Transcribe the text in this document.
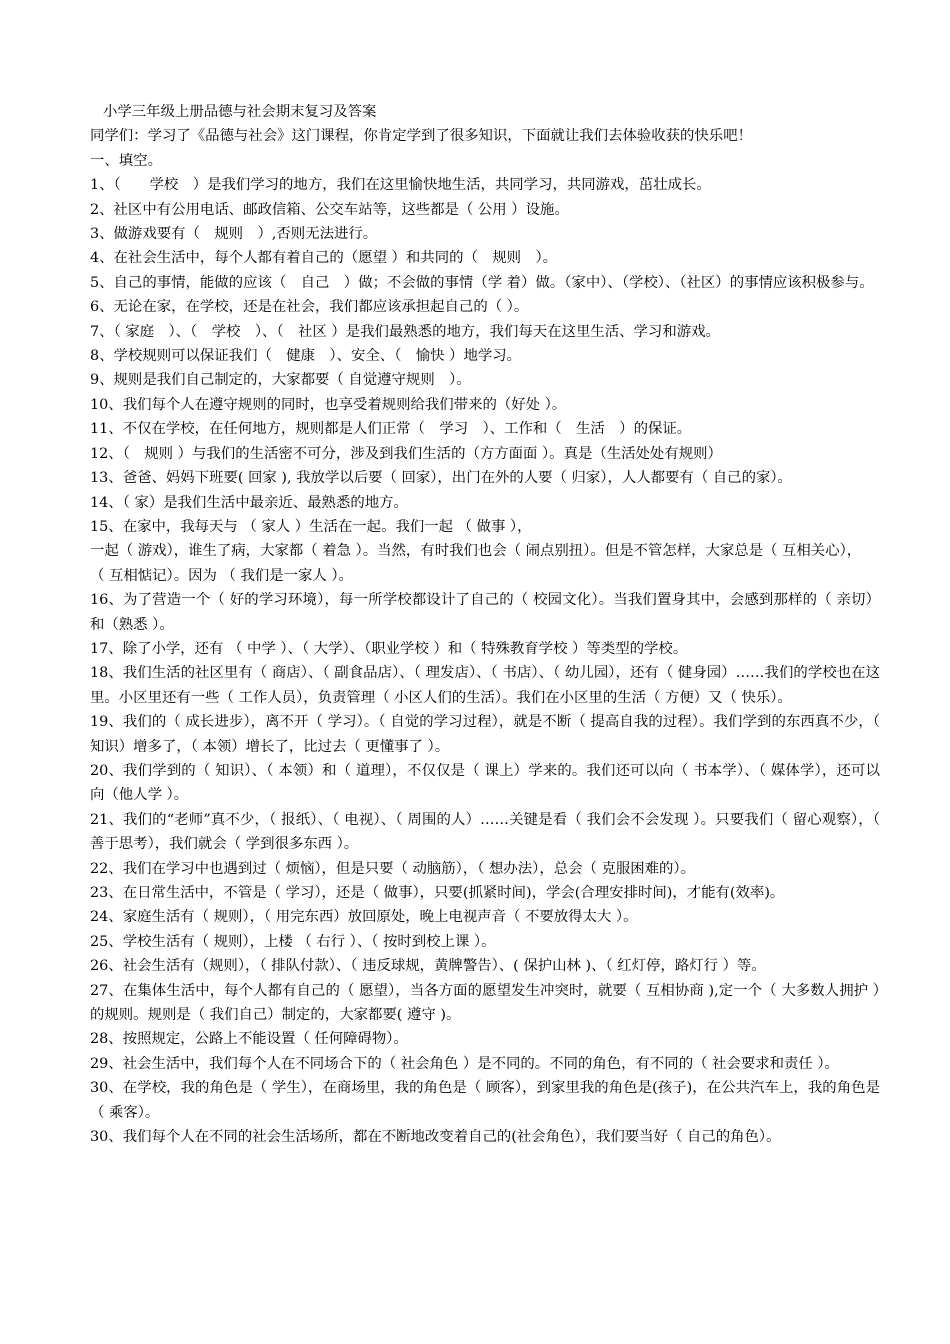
小学三年级上册品德与社会期末复习及答案

同学们：学习了《品德与社会》这门课程，你肯定学到了很多知识，下面就让我们去体验收获的快乐吧！

一、填空。

1、（　　学校　）是我们学习的地方，我们在这里愉快地生活，共同学习，共同游戏，茁壮成长。

2、社区中有公用电话、邮政信箱、公交车站等，这些都是（ 公用 ）设施。

3、做游戏要有（　规则　）,否则无法进行。

4、在社会生活中，每个人都有着自己的（愿望 ）和共同的（　规则　）。

5、自己的事情，能做的应该（　自己　）做；不会做的事情（学 着）做。（家中）、（学校）、（社区）的事情应该积极参与。

6、无论在家，在学校，还是在社会，我们都应该承担起自己的（ ）。

7、（ 家庭　）、（　学校　）、（　社区 ）是我们最熟悉的地方，我们每天在这里生活、学习和游戏。

8、学校规则可以保证我们（　健康　）、安全、（　愉快 ）地学习。

9、规则是我们自己制定的，大家都要（ 自觉遵守规则　）。

10、我们每个人在遵守规则的同时，也享受着规则给我们带来的（好处 ）。

11、不仅在学校，在任何地方，规则都是人们正常（　学习　）、工作和（　生活　）的保证。

12、（　规则 ）与我们的生活密不可分，涉及到我们生活的（方方面面 ）。真是（生活处处有规则）

13、爸爸、妈妈下班要( 回家 ), 我放学以后要（ 回家），出门在外的人要（ 归家），人人都要有（ 自己的家）。

14、（ 家）是我们生活中最亲近、最熟悉的地方。

15、在家中，我每天与 （ 家人 ）生活在一起。我们一起 （ 做事 ），

一起（ 游戏），谁生了病，大家都（ 着急 ）。当然，有时我们也会（ 闹点别扭）。但是不管怎样，大家总是（ 互相关心），

（ 互相惦记）。因为 （ 我们是一家人 ）。

16、为了营造一个（ 好的学习环境），每一所学校都设计了自己的（ 校园文化）。当我们置身其中，会感到那样的（ 亲切）和（熟悉 ）。

17、除了小学，还有 （ 中学 ）、（ 大学）、（职业学校 ）和（ 特殊教育学校 ）等类型的学校。

18、我们生活的社区里有（ 商店）、（ 副食品店）、（ 理发店）、（ 书店）、（ 幼儿园），还有（ 健身园）……我们的学校也在这里。小区里还有一些（ 工作人员），负责管理（ 小区人们的生活）。我们在小区里的生活（ 方便）又（ 快乐）。

19、我们的（ 成长进步），离不开（ 学习）。（ 自觉的学习过程），就是不断（ 提高自我的过程）。我们学到的东西真不少，（ 知识）增多了，（ 本领）增长了，比过去（ 更懂事了 ）。

20、我们学到的（ 知识）、（ 本领）和（ 道理），不仅仅是（ 课上）学来的。我们还可以向（ 书本学）、（ 媒体学），还可以向（他人学 ）。

21、我们的“老师”真不少，（ 报纸）、（ 电视）、（ 周围的人）……关键是看（ 我们会不会发现 ）。只要我们（ 留心观察），（ 善于思考），我们就会（ 学到很多东西 ）。

22、我们在学习中也遇到过（ 烦恼），但是只要（ 动脑筋），（ 想办法），总会（ 克服困难的）。

23、在日常生活中，不管是（ 学习），还是（ 做事），只要(抓紧时间)，学会(合理安排时间)，才能有(效率)。

24、家庭生活有（ 规则），（ 用完东西）放回原处，晚上电视声音（ 不要放得太大 ）。

25、学校生活有（ 规则），上楼 （ 右行 ）、（ 按时到校上课 ）。

26、社会生活有（规则），（ 排队付款）、（ 违反球规，黄牌警告）、( 保护山林 )、（ 红灯停，路灯行 ）等。

27、在集体生活中，每个人都有自己的（ 愿望），当各方面的愿望发生冲突时，就要（ 互相协商 ),定一个（ 大多数人拥护 ）的规则。规则是（ 我们自己）制定的，大家都要( 遵守 )。

28、按照规定，公路上不能设置（ 任何障碍物）。

29、社会生活中，我们每个人在不同场合下的（ 社会角色 ）是不同的。不同的角色，有不同的（ 社会要求和责任 ）。

30、在学校，我的角色是（ 学生），在商场里，我的角色是（ 顾客），到家里我的角色是(孩子)，在公共汽车上，我的角色是（ 乘客）。

30、我们每个人在不同的社会生活场所，都在不断地改变着自己的(社会角色），我们要当好（ 自己的角色）。
